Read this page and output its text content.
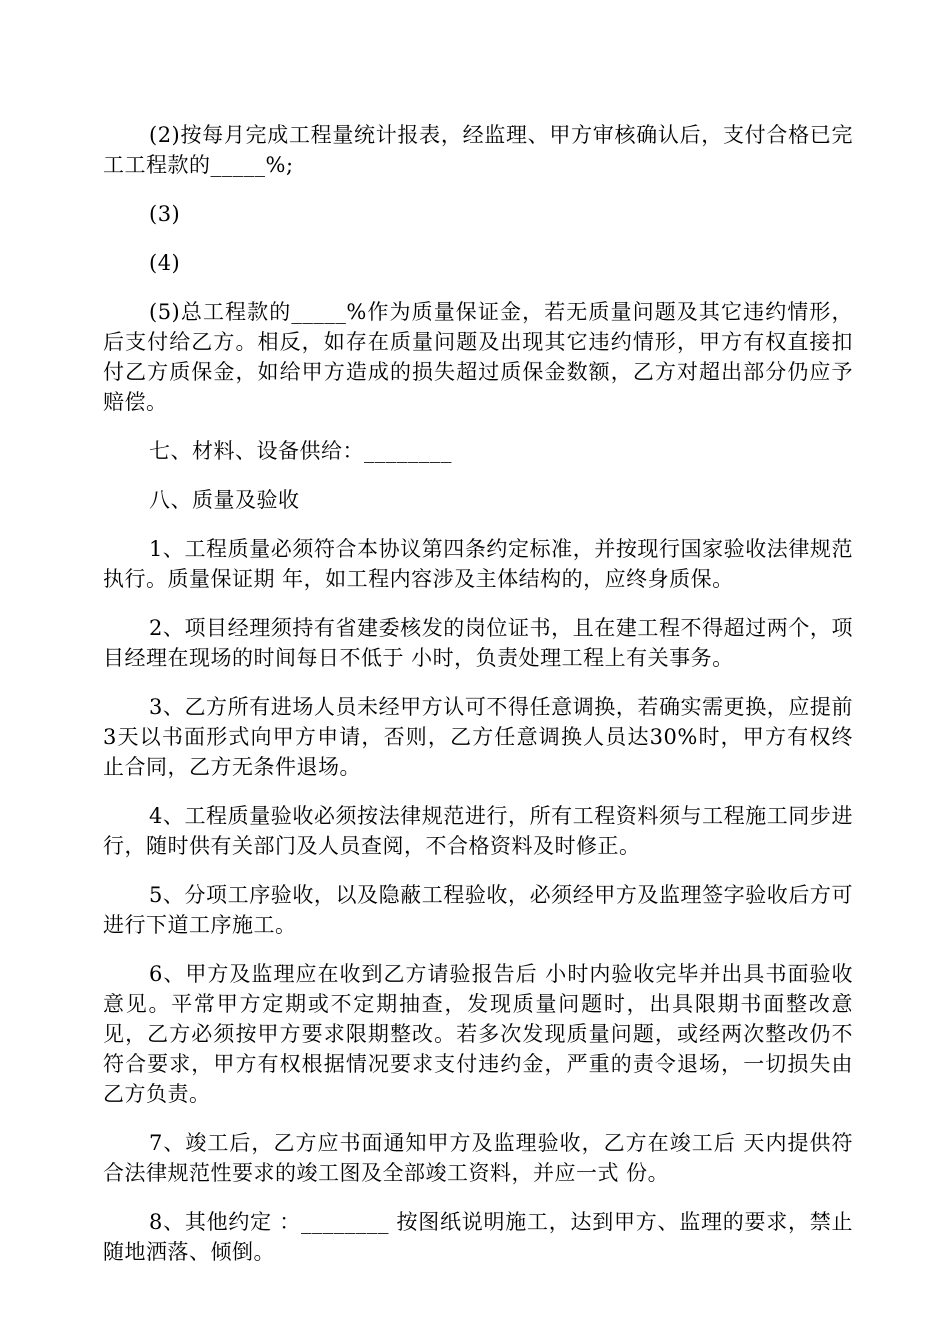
(2)按每月完成工程量统计报表，经监理、甲方审核确认后，支付合格已完工工程款的_____%;

(3)

(4)

(5)总工程款的_____%作为质量保证金，若无质量问题及其它违约情形， 后支付给乙方。相反，如存在质量问题及出现其它违约情形，甲方有权直接扣付乙方质保金，如给甲方造成的损失超过质保金数额，乙方对超出部分仍应予赔偿。

七、材料、设备供给：________

八、质量及验收

1、工程质量必须符合本协议第四条约定标准，并按现行国家验收法律规范执行。质量保证期 年，如工程内容涉及主体结构的，应终身质保。

2、项目经理须持有省建委核发的岗位证书，且在建工程不得超过两个，项目经理在现场的时间每日不低于 小时，负责处理工程上有关事务。

3、乙方所有进场人员未经甲方认可不得任意调换，若确实需更换，应提前3天以书面形式向甲方申请，否则，乙方任意调换人员达30%时，甲方有权终止合同，乙方无条件退场。

4、工程质量验收必须按法律规范进行，所有工程资料须与工程施工同步进行，随时供有关部门及人员查阅，不合格资料及时修正。

5、分项工序验收，以及隐蔽工程验收，必须经甲方及监理签字验收后方可进行下道工序施工。

6、甲方及监理应在收到乙方请验报告后 小时内验收完毕并出具书面验收意见。平常甲方定期或不定期抽查，发现质量问题时，出具限期书面整改意见，乙方必须按甲方要求限期整改。若多次发现质量问题，或经两次整改仍不符合要求，甲方有权根据情况要求支付违约金，严重的责令退场，一切损失由乙方负责。

7、竣工后，乙方应书面通知甲方及监理验收，乙方在竣工后 天内提供符合法律规范性要求的竣工图及全部竣工资料，并应一式 份。

8、其他约定 ：________ 按图纸说明施工，达到甲方、监理的要求，禁止随地洒落、倾倒。
